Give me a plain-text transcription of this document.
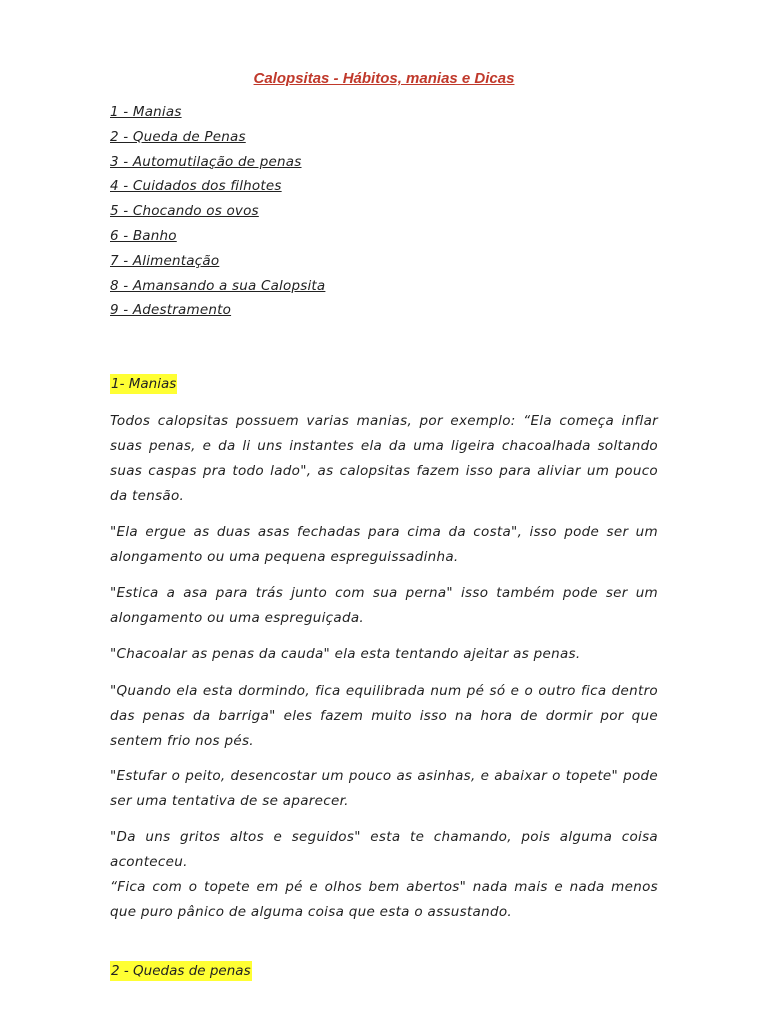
Calopsitas - Hábitos, manias e Dicas
1 - Manias
2 - Queda de Penas
3 - Automutilação de penas
4 - Cuidados dos filhotes
5 - Chocando os ovos
6 - Banho
7 - Alimentação
8 - Amansando a sua Calopsita
9 - Adestramento
1- Manias

Todos calopsitas possuem varias manias, por exemplo: “Ela começa inflar suas penas, e da li uns instantes ela da uma ligeira chacoalhada soltando suas caspas pra todo lado", as calopsitas fazem isso para aliviar um pouco da tensão.

"Ela ergue as duas asas fechadas para cima da costa", isso pode ser um alongamento ou uma pequena espreguissadinha.

"Estica a asa para trás junto com sua perna" isso também pode ser um alongamento ou uma espreguiçada.

"Chacoalar as penas da cauda" ela esta tentando ajeitar as penas.

"Quando ela esta dormindo, fica equilibrada num pé só e o outro fica dentro das penas da barriga" eles fazem muito isso na hora de dormir por que sentem frio nos pés.

"Estufar o peito, desencostar um pouco as asinhas, e abaixar o topete" pode ser uma tentativa de se aparecer.

"Da uns gritos altos e seguidos" esta te chamando, pois alguma coisa aconteceu.

“Fica com o topete em pé e olhos bem abertos" nada mais e nada menos que puro pânico de alguma coisa que esta o assustando.

2 - Quedas de penas
